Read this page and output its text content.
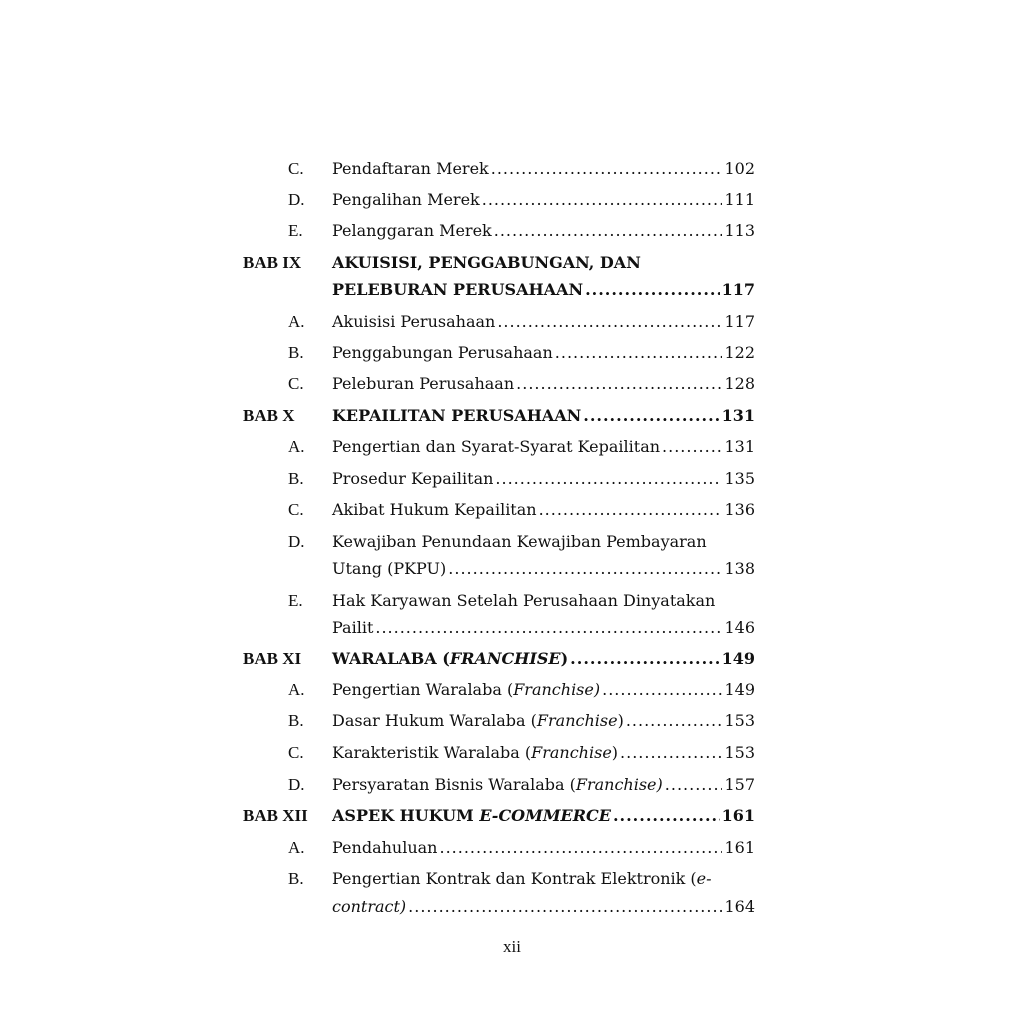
C. Pendaftaran Merek .....	102
D. Pengalihan Merek .....	111
E. Pelanggaran Merek .....	113
BAB IX AKUISISI, PENGGABUNGAN, DAN
PELEBURAN PERUSAHAAN .....	117
A. Akuisisi Perusahaan .....	117
B. Penggabungan Perusahaan .....	122
C. Peleburan Perusahaan .....	128
BAB X KEPAILITAN PERUSAHAAN .....	131
A. Pengertian dan Syarat-Syarat Kepailitan .....	131
B. Prosedur Kepailitan .....	135
C. Akibat Hukum Kepailitan .....	136
D. Kewajiban Penundaan Kewajiban Pembayaran
Utang (PKPU) .....	138
E. Hak Karyawan Setelah Perusahaan Dinyatakan
Pailit .....	146
BAB XI WARALABA (FRANCHISE) .....	149
A. Pengertian Waralaba (Franchise) .....	149
B. Dasar Hukum Waralaba (Franchise) .....	153
C. Karakteristik Waralaba (Franchise) .....	153
D. Persyaratan Bisnis Waralaba (Franchise) .....	157
BAB XII ASPEK HUKUM E-COMMERCE .....	161
A. Pendahuluan .....	161
B. Pengertian Kontrak dan Kontrak Elektronik (e-
contract) .....	164
xii
